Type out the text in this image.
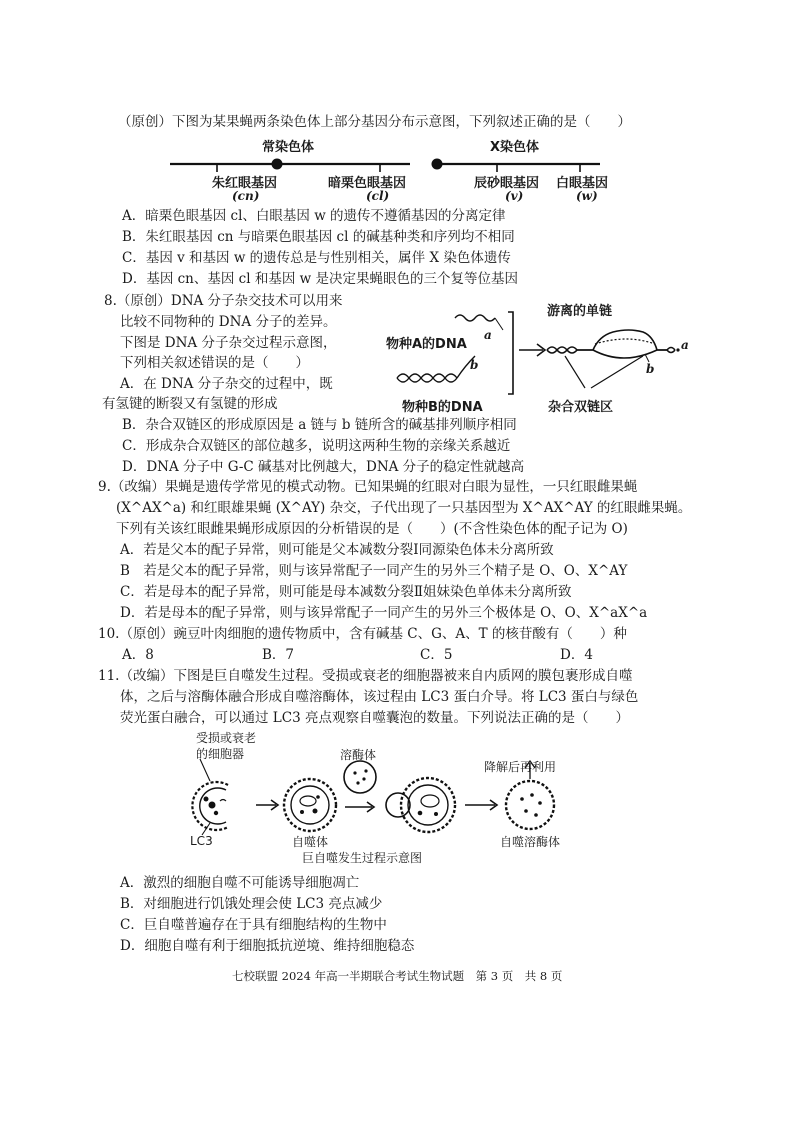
（原创）下图为某果蝇两条染色体上部分基因分布示意图，下列叙述正确的是（　　）
常染色体	X染色体
朱红眼基因
(cn)
暗栗色眼基因
(cl)
辰砂眼基因
(v)
白眼基因
(w)
A．暗栗色眼基因 cl、白眼基因 w 的遗传不遵循基因的分离定律
B．朱红眼基因 cn 与暗栗色眼基因 cl 的碱基种类和序列均不相同
C．基因 v 和基因 w 的遗传总是与性别相关，属伴 X 染色体遗传
D．基因 cn、基因 cl 和基因 w 是决定果蝇眼色的三个复等位基因
8.（原创）DNA 分子杂交技术可以用来
比较不同物种的 DNA 分子的差异。
下图是 DNA 分子杂交过程示意图，
下列相关叙述错误的是（　　）
A．在 DNA 分子杂交的过程中，既
有氢键的断裂又有氢键的形成
游离的单链
物种A的DNA
物种B的DNA	杂合双链区
a
b
a
b
B．杂合双链区的形成原因是 a 链与 b 链所含的碱基排列顺序相同
C．形成杂合双链区的部位越多，说明这两种生物的亲缘关系越近
D．DNA 分子中 G-C 碱基对比例越大，DNA 分子的稳定性就越高
9.（改编）果蝇是遗传学常见的模式动物。已知果蝇的红眼对白眼为显性，一只红眼雌果蝇
(X^AX^a) 和红眼雄果蝇 (X^AY) 杂交，子代出现了一只基因型为 X^AX^AY 的红眼雌果蝇。
下列有关该红眼雌果蝇形成原因的分析错误的是（　　）(不含性染色体的配子记为 O)
A．若是父本的配子异常，则可能是父本减数分裂Ⅰ同源染色体未分离所致
B　若是父本的配子异常，则与该异常配子一同产生的另外三个精子是 O、O、X^AY
C．若是母本的配子异常，则可能是母本减数分裂Ⅱ姐妹染色单体未分离所致
D．若是母本的配子异常，则与该异常配子一同产生的另外三个极体是 O、O、X^aX^a
10.（原创）豌豆叶肉细胞的遗传物质中，含有碱基 C、G、A、T 的核苷酸有（　　）种
A．8	B．7	C．5	D．4
11.（改编）下图是巨自噬发生过程。受损或衰老的细胞器被来自内质网的膜包裹形成自噬
体，之后与溶酶体融合形成自噬溶酶体，该过程由 LC3 蛋白介导。将 LC3 蛋白与绿色
荧光蛋白融合，可以通过 LC3 亮点观察自噬囊泡的数量。下列说法正确的是（　　）
受损或衰老
的细胞器	溶酶体
降解后再利用
LC3	自噬体	自噬溶酶体
巨自噬发生过程示意图
A．激烈的细胞自噬不可能诱导细胞凋亡
B．对细胞进行饥饿处理会使 LC3 亮点减少
C．巨自噬普遍存在于具有细胞结构的生物中
D．细胞自噬有利于细胞抵抗逆境、维持细胞稳态
七校联盟 2024 年高一半期联合考试生物试题　第 3 页　共 8 页
